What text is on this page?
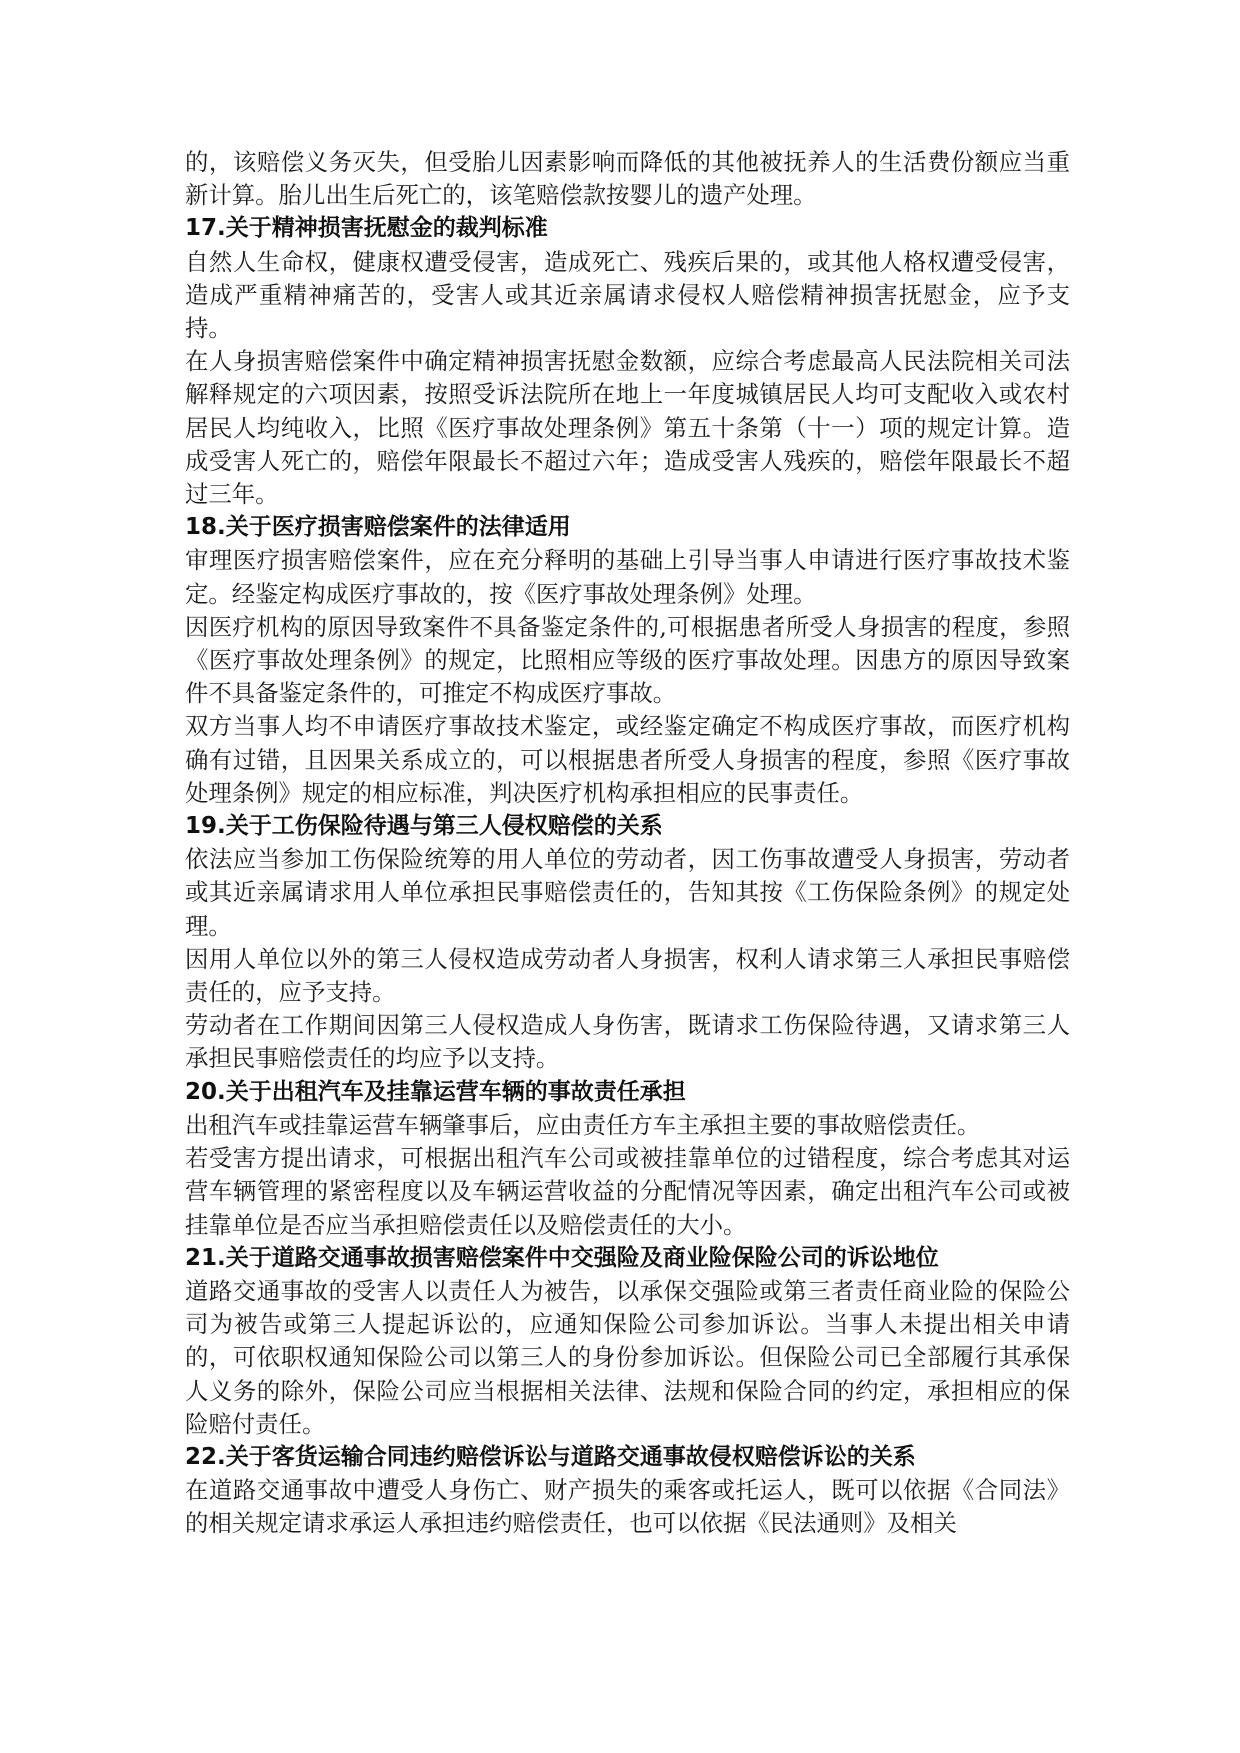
的，该赔偿义务灭失，但受胎儿因素影响而降低的其他被抚养人的生活费份额应当重新计算。胎儿出生后死亡的，该笔赔偿款按婴儿的遗产处理。

17.关于精神损害抚慰金的裁判标准

自然人生命权，健康权遭受侵害，造成死亡、残疾后果的，或其他人格权遭受侵害，造成严重精神痛苦的，受害人或其近亲属请求侵权人赔偿精神损害抚慰金，应予支持。

在人身损害赔偿案件中确定精神损害抚慰金数额，应综合考虑最高人民法院相关司法解释规定的六项因素，按照受诉法院所在地上一年度城镇居民人均可支配收入或农村居民人均纯收入，比照《医疗事故处理条例》第五十条第（十一）项的规定计算。造成受害人死亡的，赔偿年限最长不超过六年；造成受害人残疾的，赔偿年限最长不超过三年。

18.关于医疗损害赔偿案件的法律适用

审理医疗损害赔偿案件，应在充分释明的基础上引导当事人申请进行医疗事故技术鉴定。经鉴定构成医疗事故的，按《医疗事故处理条例》处理。

因医疗机构的原因导致案件不具备鉴定条件的,可根据患者所受人身损害的程度，参照《医疗事故处理条例》的规定，比照相应等级的医疗事故处理。因患方的原因导致案件不具备鉴定条件的，可推定不构成医疗事故。

双方当事人均不申请医疗事故技术鉴定，或经鉴定确定不构成医疗事故，而医疗机构确有过错，且因果关系成立的，可以根据患者所受人身损害的程度，参照《医疗事故处理条例》规定的相应标准，判决医疗机构承担相应的民事责任。

19.关于工伤保险待遇与第三人侵权赔偿的关系

依法应当参加工伤保险统筹的用人单位的劳动者，因工伤事故遭受人身损害，劳动者或其近亲属请求用人单位承担民事赔偿责任的，告知其按《工伤保险条例》的规定处理。

因用人单位以外的第三人侵权造成劳动者人身损害，权利人请求第三人承担民事赔偿责任的，应予支持。

劳动者在工作期间因第三人侵权造成人身伤害，既请求工伤保险待遇，又请求第三人承担民事赔偿责任的均应予以支持。

20.关于出租汽车及挂靠运营车辆的事故责任承担

出租汽车或挂靠运营车辆肇事后，应由责任方车主承担主要的事故赔偿责任。

若受害方提出请求，可根据出租汽车公司或被挂靠单位的过错程度，综合考虑其对运营车辆管理的紧密程度以及车辆运营收益的分配情况等因素，确定出租汽车公司或被挂靠单位是否应当承担赔偿责任以及赔偿责任的大小。

21.关于道路交通事故损害赔偿案件中交强险及商业险保险公司的诉讼地位

道路交通事故的受害人以责任人为被告，以承保交强险或第三者责任商业险的保险公司为被告或第三人提起诉讼的，应通知保险公司参加诉讼。当事人未提出相关申请的，可依职权通知保险公司以第三人的身份参加诉讼。但保险公司已全部履行其承保人义务的除外，保险公司应当根据相关法律、法规和保险合同的约定，承担相应的保险赔付责任。

22.关于客货运输合同违约赔偿诉讼与道路交通事故侵权赔偿诉讼的关系

在道路交通事故中遭受人身伤亡、财产损失的乘客或托运人，既可以依据《合同法》的相关规定请求承运人承担违约赔偿责任，也可以依据《民法通则》及相关
